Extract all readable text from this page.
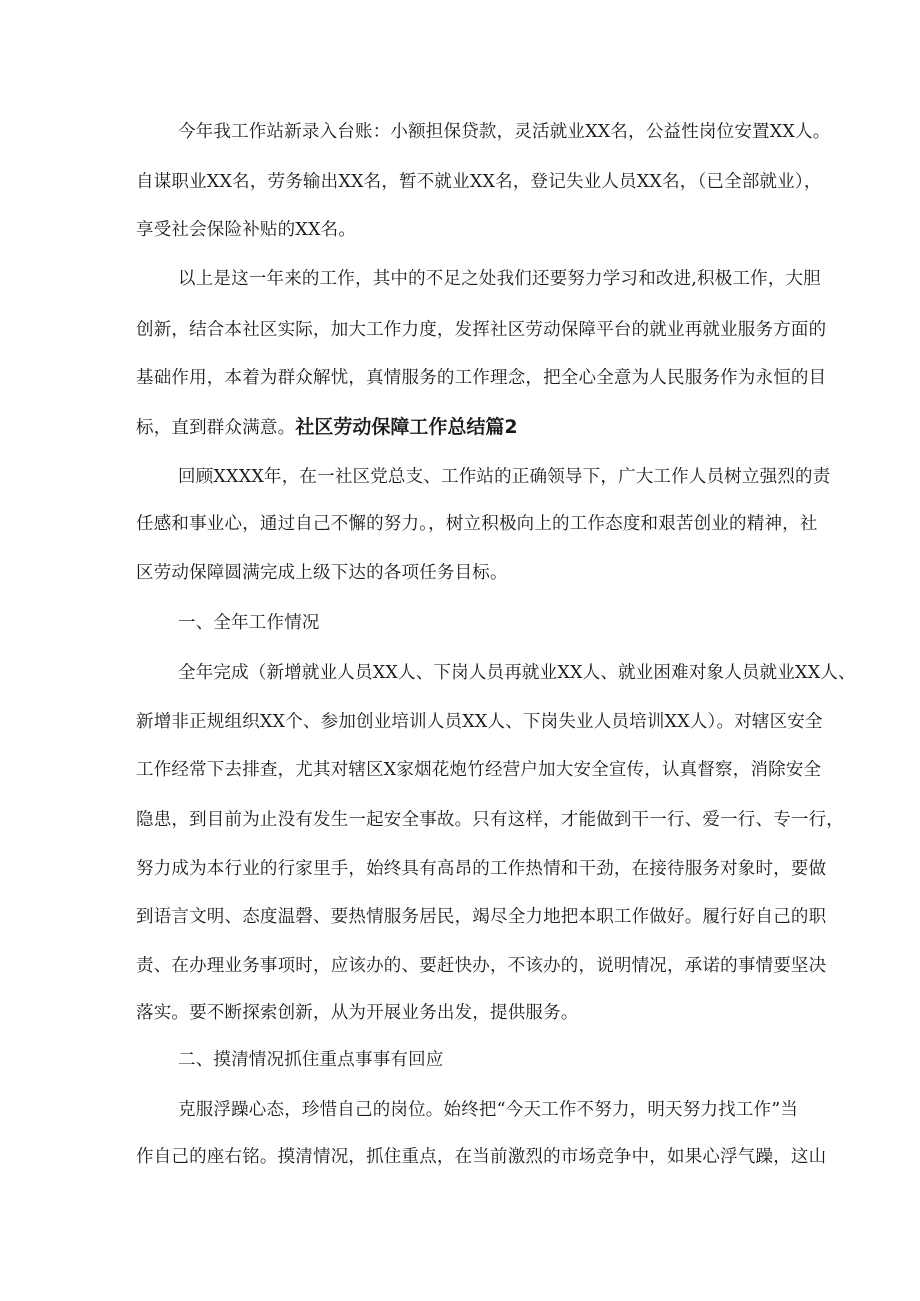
今年我工作站新录入台账：小额担保贷款，灵活就业XX名，公益性岗位安置XX人。
自谋职业XX名，劳务输出XX名，暂不就业XX名，登记失业人员XX名，（已全部就业），
享受社会保险补贴的XX名。
以上是这一年来的工作，其中的不足之处我们还要努力学习和改进,积极工作，大胆
创新，结合本社区实际，加大工作力度，发挥社区劳动保障平台的就业再就业服务方面的
基础作用，本着为群众解忧，真情服务的工作理念，把全心全意为人民服务作为永恒的目
标，直到群众满意。社区劳动保障工作总结篇2
回顾XXXX年，在一社区党总支、工作站的正确领导下，广大工作人员树立强烈的责
任感和事业心，通过自己不懈的努力。，树立积极向上的工作态度和艰苦创业的精神，社
区劳动保障圆满完成上级下达的各项任务目标。
一、全年工作情况
全年完成（新增就业人员XX人、下岗人员再就业XX人、就业困难对象人员就业XX人、
新增非正规组织XX个、参加创业培训人员XX人、下岗失业人员培训XX人）。对辖区安全
工作经常下去排查，尤其对辖区X家烟花炮竹经营户加大安全宣传，认真督察，消除安全
隐患，到目前为止没有发生一起安全事故。只有这样，才能做到干一行、爱一行、专一行，
努力成为本行业的行家里手，始终具有高昂的工作热情和干劲，在接待服务对象时，要做
到语言文明、态度温磬、要热情服务居民，竭尽全力地把本职工作做好。履行好自己的职
责、在办理业务事项时，应该办的、要赶快办，不该办的，说明情况，承诺的事情要坚决
落实。要不断探索创新，从为开展业务出发，提供服务。
二、摸清情况抓住重点事事有回应
克服浮躁心态，珍惜自己的岗位。始终把“今天工作不努力，明天努力找工作”当
作自己的座右铭。摸清情况，抓住重点，在当前激烈的市场竞争中，如果心浮气躁，这山
